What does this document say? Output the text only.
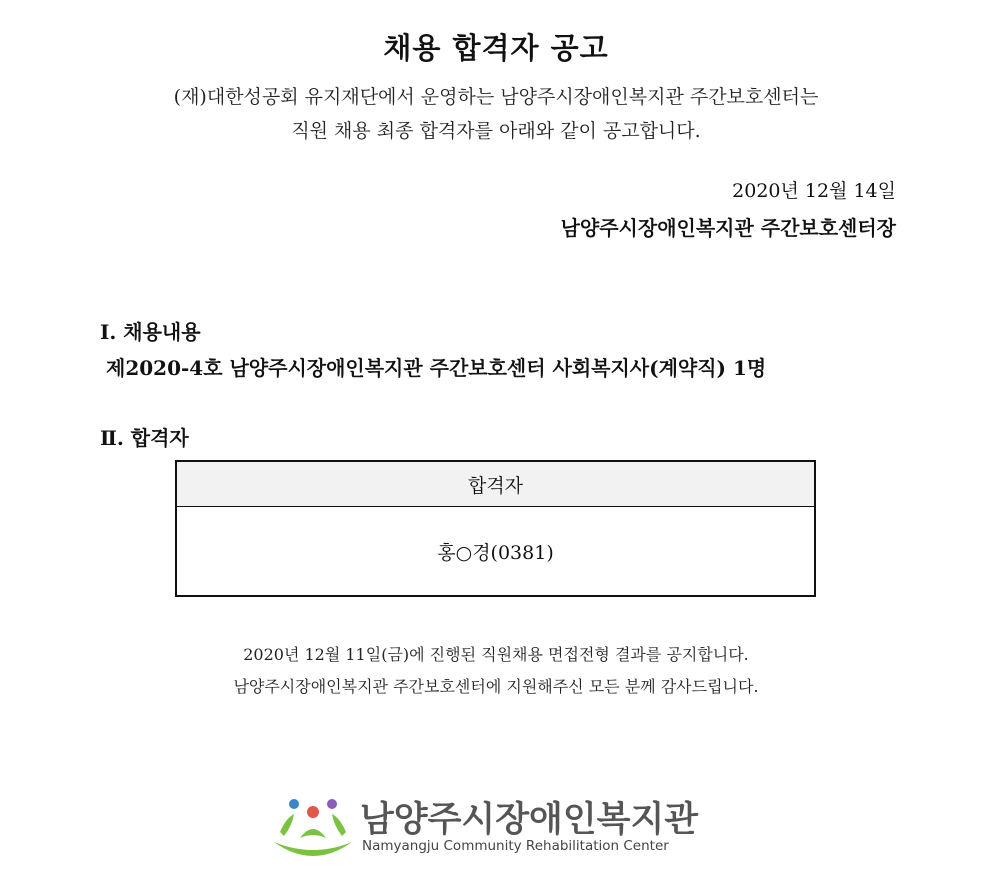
채용 합격자 공고
(재)대한성공회 유지재단에서 운영하는 남양주시장애인복지관 주간보호센터는
직원 채용 최종 합격자를 아래와 같이 공고합니다.
2020년 12월 14일
남양주시장애인복지관 주간보호센터장
Ⅰ. 채용내용
제2020-4호 남양주시장애인복지관 주간보호센터 사회복지사(계약직) 1명
Ⅱ. 합격자
합격자
홍○경(0381)
2020년 12월 11일(금)에 진행된 직원채용 면접전형 결과를 공지합니다.
남양주시장애인복지관 주간보호센터에 지원해주신 모든 분께 감사드립니다.
남양주시장애인복지관
Namyangju Community Rehabilitation Center
